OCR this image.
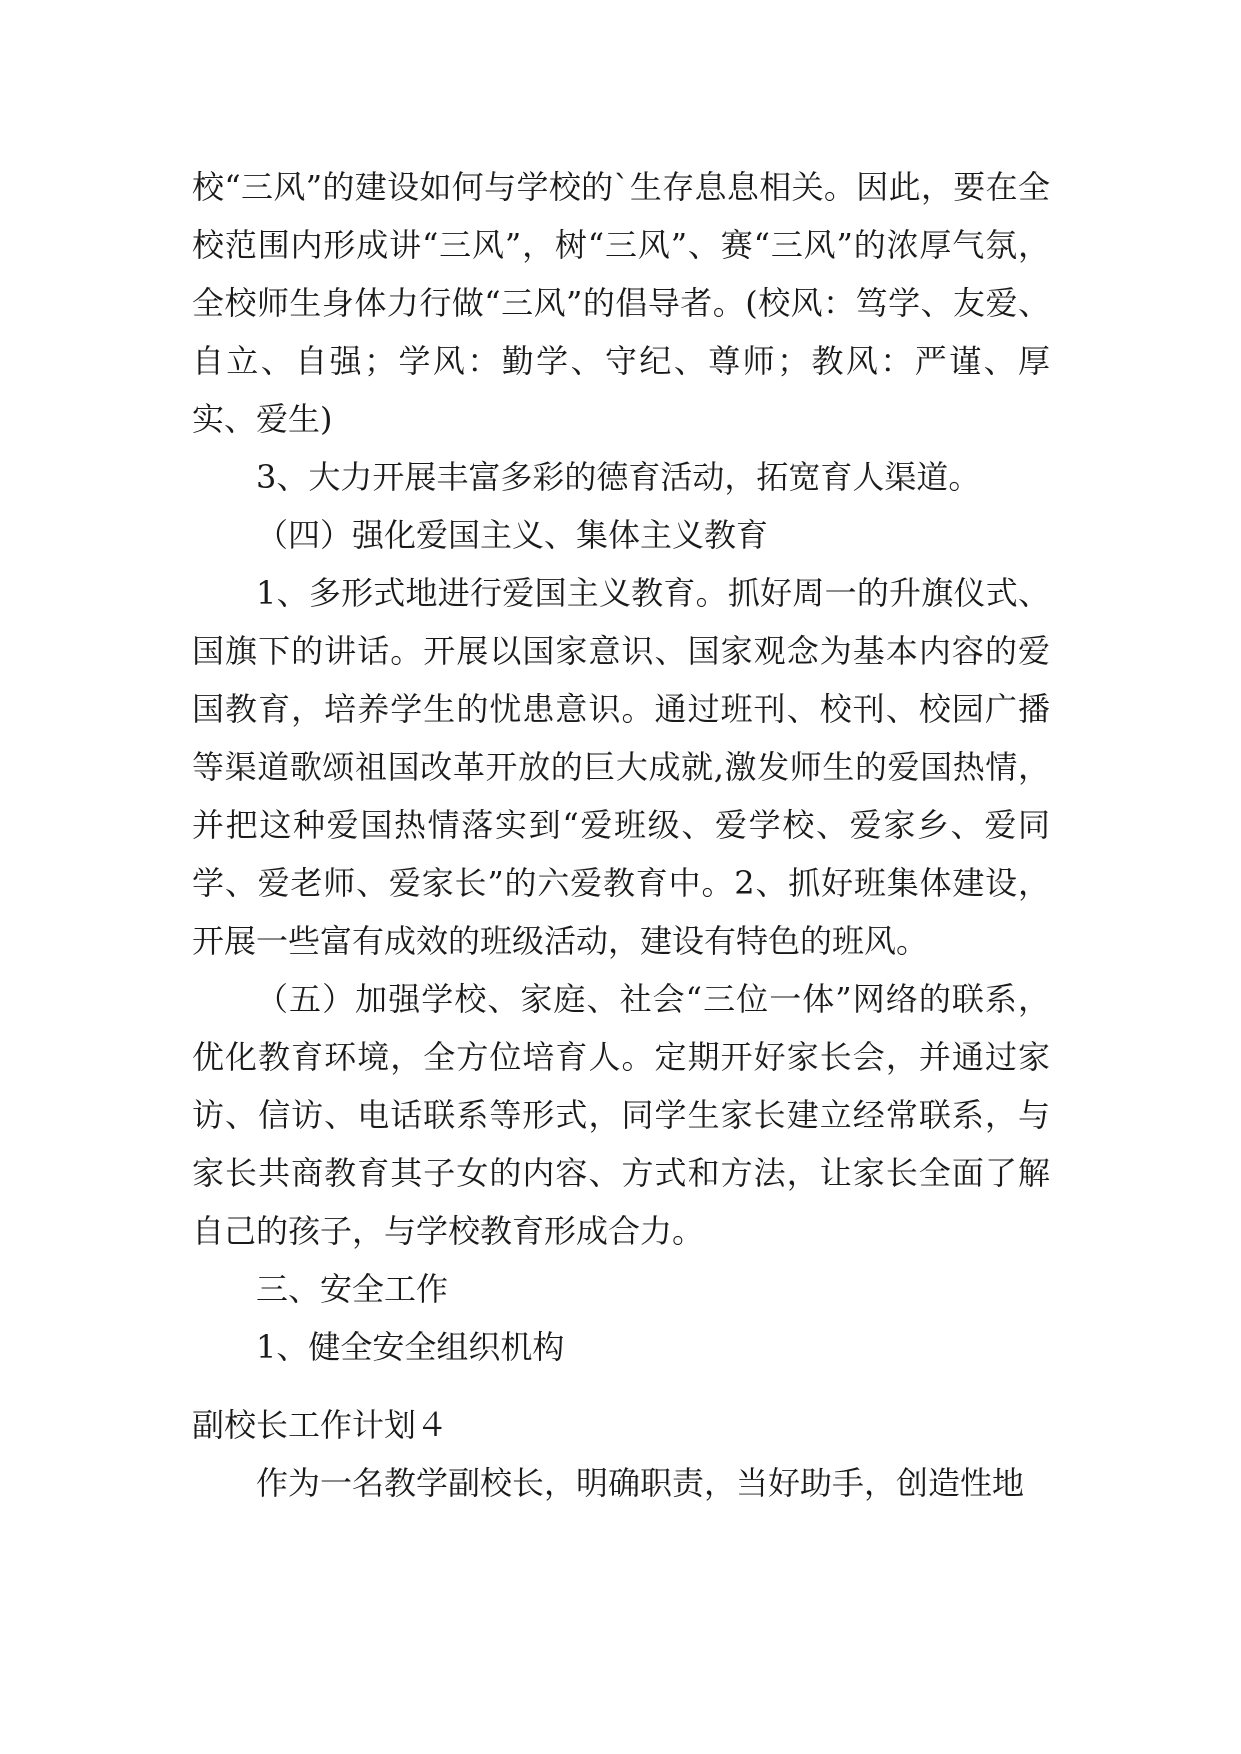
校“三风”的建设如何与学校的`生存息息相关。因此，要在全校范围内形成讲“三风”，树“三风”、赛“三风”的浓厚气氛，全校师生身体力行做“三风”的倡导者。(校风：笃学、友爱、自立、自强；学风：勤学、守纪、尊师；教风：严谨、厚实、爱生)

3、大力开展丰富多彩的德育活动，拓宽育人渠道。

（四）强化爱国主义、集体主义教育

1、多形式地进行爱国主义教育。抓好周一的升旗仪式、国旗下的讲话。开展以国家意识、国家观念为基本内容的爱国教育，培养学生的忧患意识。通过班刊、校刊、校园广播等渠道歌颂祖国改革开放的巨大成就,激发师生的爱国热情，并把这种爱国热情落实到“爱班级、爱学校、爱家乡、爱同学、爱老师、爱家长”的六爱教育中。2、抓好班集体建设，开展一些富有成效的班级活动，建设有特色的班风。

（五）加强学校、家庭、社会“三位一体”网络的联系，优化教育环境，全方位培育人。定期开好家长会，并通过家访、信访、电话联系等形式，同学生家长建立经常联系，与家长共商教育其子女的内容、方式和方法，让家长全面了解自己的孩子，与学校教育形成合力。

三、安全工作

1、健全安全组织机构

副校长工作计划４

作为一名教学副校长，明确职责，当好助手，创造性地
